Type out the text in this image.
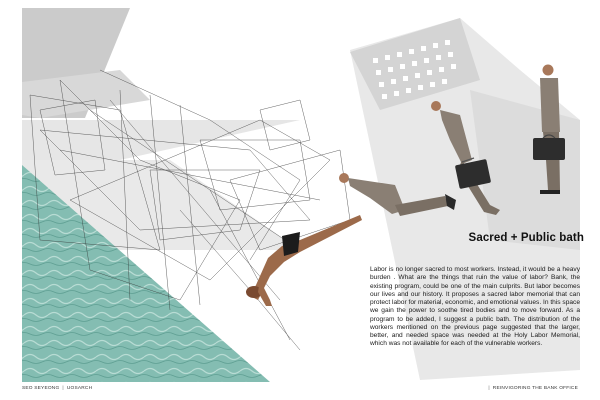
Sacred + Public bath
Labor is no longer sacred to most workers. Instead, it would be a heavy burden . What are the things that ruin the value of labor? Bank, the existing program, could be one of the main culprits. But labor becomes our lives and our history. It proposes a sacred labor memorial that can protect labor for material, economic, and emotional values. In this space we gain the power to soothe tired bodies and to move forward. As a program to be added, I suggest a public bath. The distribution of the workers mentioned on the previous page suggested that the larger, better, and needed space was needed at the Holy Labor Memorial, which was not available for each of the vulnerable workers.
SEO SEYEONG | UOSARCH	| REINVIGORING THE BANK OFFICE
